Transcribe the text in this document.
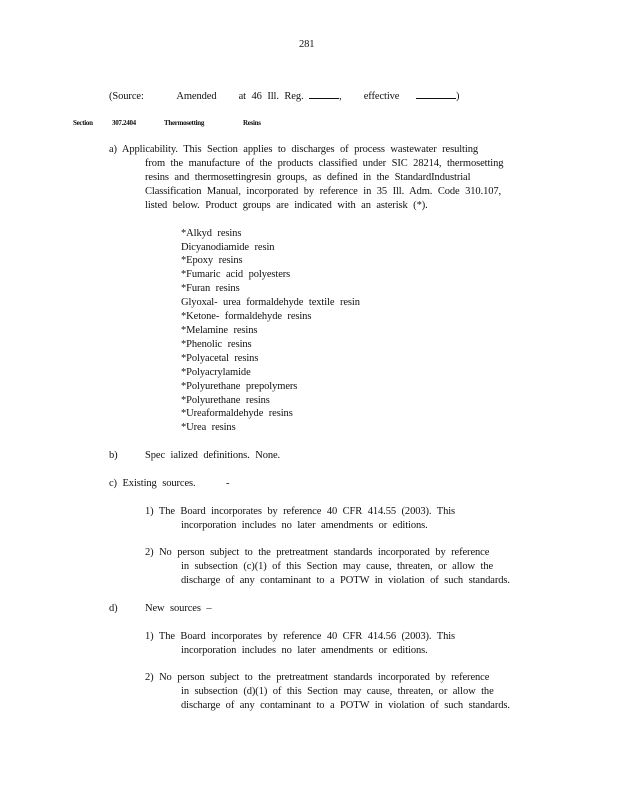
281
(Source:	Amended at 46 Ill. Reg.	,    effective	)
Section	307.2404	Thermosetting	Resins
a) Applicability. This Section applies to discharges of process wastewater resulting
from the manufacture of the products classified under SIC 28214, thermosetting
resins and thermosettingresin groups, as defined in the StandardIndustrial
Classification Manual, incorporated by reference in 35 Ill. Adm. Code 310.107,
listed below. Product groups are indicated with an asterisk (*).
*Alkyd resins
Dicyanodiamide resin
*Epoxy resins
*Fumaric acid polyesters
*Furan resins
Glyoxal- urea formaldehyde textile resin
*Ketone- formaldehyde resins
*Melamine resins
*Phenolic resins
*Polyacetal resins
*Polyacrylamide
*Polyurethane prepolymers
*Polyurethane resins
*Ureaformaldehyde resins
*Urea resins
b)	Spec ialized definitions. None.
c) Existing sources.	-
1) The Board incorporates by reference 40 CFR 414.55 (2003). This
incorporation includes no later amendments or editions.
2) No person subject to the pretreatment standards incorporated by reference
in subsection (c)(1) of this Section may cause, threaten, or allow the
discharge of any contaminant to a POTW in violation of such standards.
d)	New sources –
1) The Board incorporates by reference 40 CFR 414.56 (2003). This
incorporation includes no later amendments or editions.
2) No person subject to the pretreatment standards incorporated by reference
in subsection (d)(1) of this Section may cause, threaten, or allow the
discharge of any contaminant to a POTW in violation of such standards.
